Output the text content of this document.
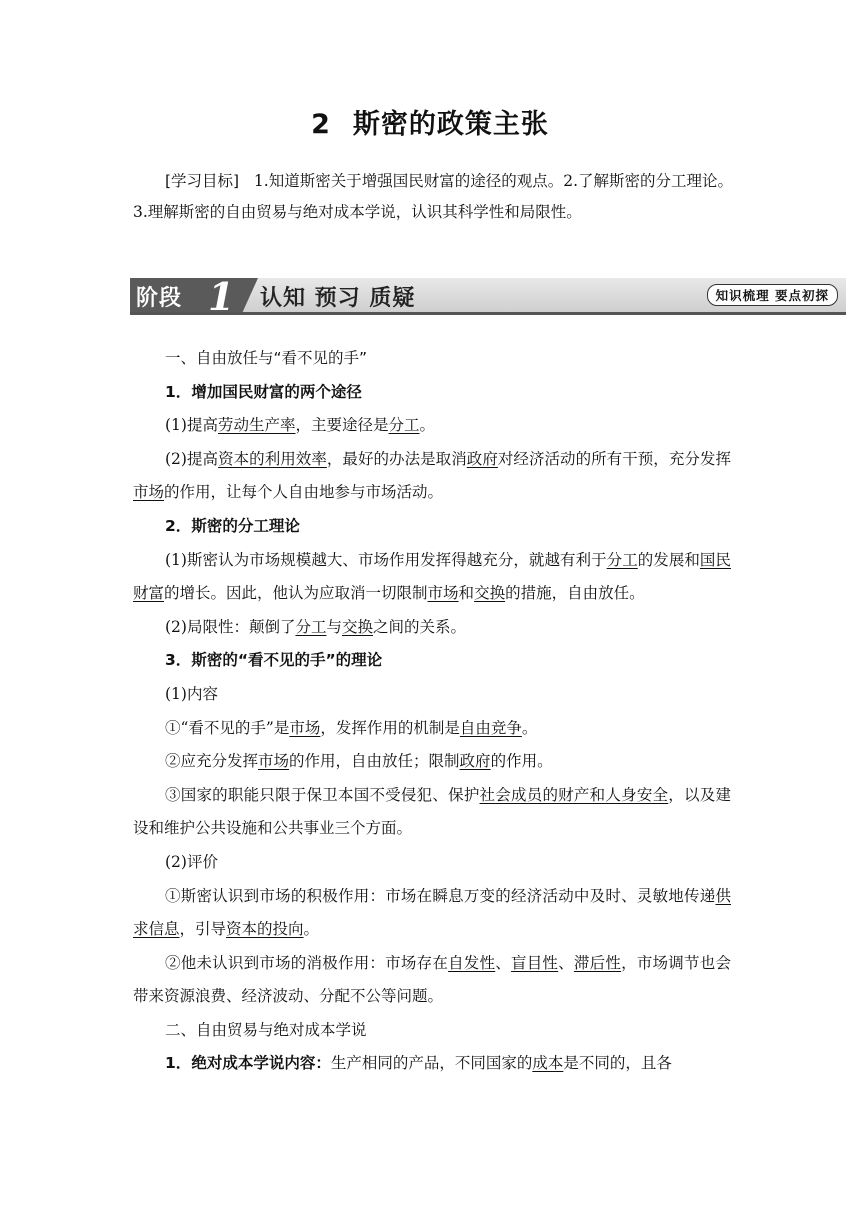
2 斯密的政策主张
[学习目标] 1.知道斯密关于增强国民财富的途径的观点。2.了解斯密的分工理论。3.理解斯密的自由贸易与绝对成本学说，认识其科学性和局限性。
阶段 1 认知 预习 质疑	知识梳理 要点初探

一、自由放任与“看不见的手”

1．增加国民财富的两个途径

(1)提高劳动生产率，主要途径是分工。

(2)提高资本的利用效率，最好的办法是取消政府对经济活动的所有干预，充分发挥市场的作用，让每个人自由地参与市场活动。

2．斯密的分工理论

(1)斯密认为市场规模越大、市场作用发挥得越充分，就越有利于分工的发展和国民财富的增长。因此，他认为应取消一切限制市场和交换的措施，自由放任。

(2)局限性：颠倒了分工与交换之间的关系。

3．斯密的“看不见的手”的理论

(1)内容

①“看不见的手”是市场，发挥作用的机制是自由竞争。

②应充分发挥市场的作用，自由放任；限制政府的作用。

③国家的职能只限于保卫本国不受侵犯、保护社会成员的财产和人身安全，以及建设和维护公共设施和公共事业三个方面。

(2)评价

①斯密认识到市场的积极作用：市场在瞬息万变的经济活动中及时、灵敏地传递供求信息，引导资本的投向。

②他未认识到市场的消极作用：市场存在自发性、盲目性、滞后性，市场调节也会带来资源浪费、经济波动、分配不公等问题。

二、自由贸易与绝对成本学说

1．绝对成本学说内容：生产相同的产品，不同国家的成本是不同的，且各
